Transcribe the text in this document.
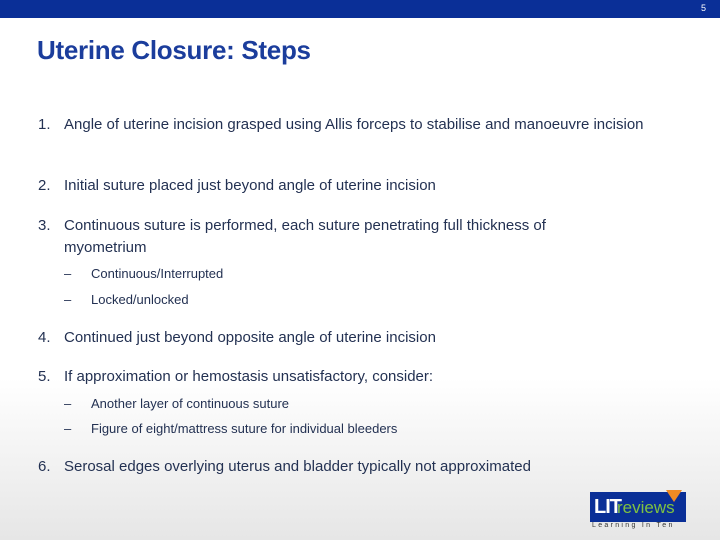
5
Uterine Closure: Steps
1. Angle of uterine incision grasped using Allis forceps to stabilise and manoeuvre incision
2. Initial suture placed just beyond angle of uterine incision
3. Continuous suture is performed, each suture penetrating full thickness of myometrium
– Continuous/Interrupted
– Locked/unlocked
4. Continued just beyond opposite angle of uterine incision
5. If approximation or hemostasis unsatisfactory, consider:
– Another layer of continuous suture
– Figure of eight/mattress suture for individual bleeders
6. Serosal edges overlying uterus and bladder typically not approximated
LIT
reviews
Learning In Ten
